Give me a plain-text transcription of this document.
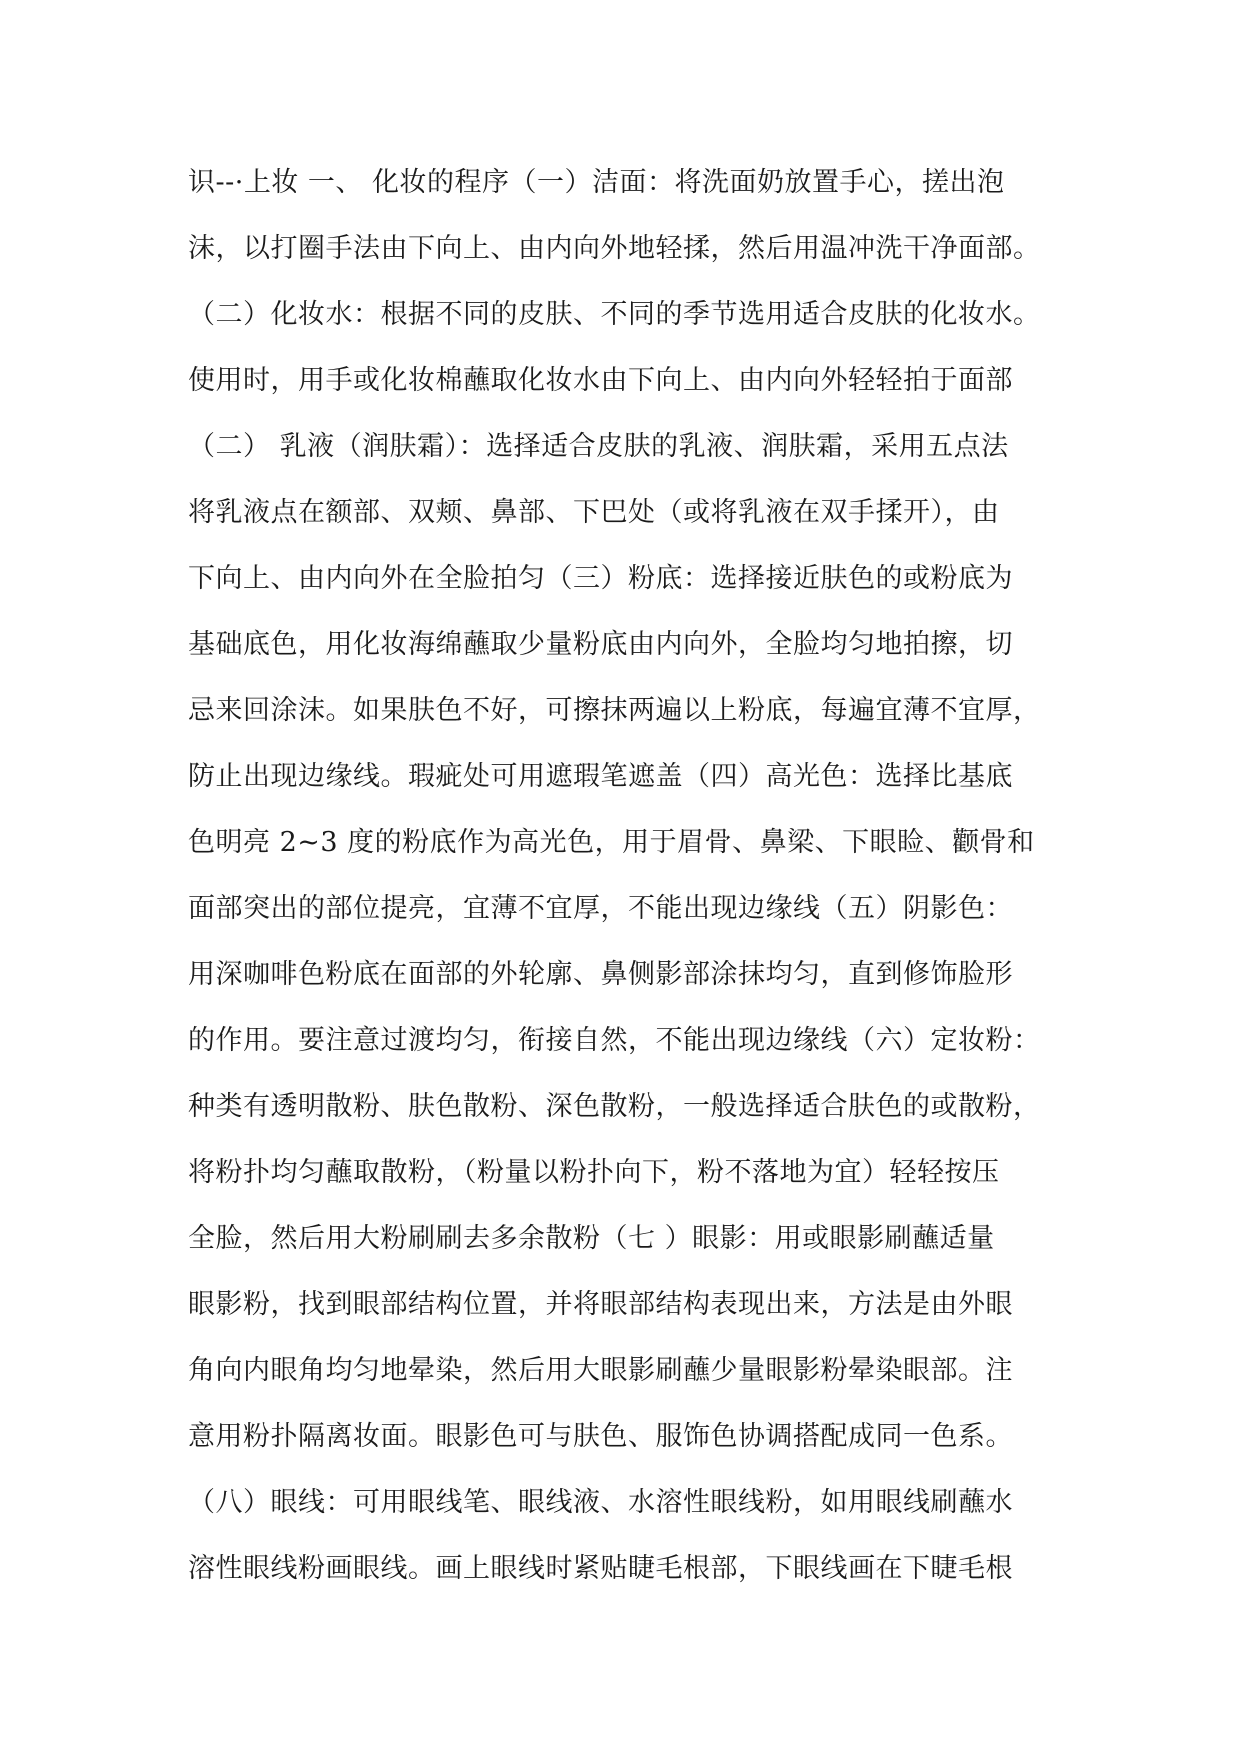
识--·上妆 一、 化妆的程序（一）洁面：将洗面奶放置手心，搓出泡
沫，以打圈手法由下向上、由内向外地轻揉，然后用温冲洗干净面部。
（二）化妆水：根据不同的皮肤、不同的季节选用适合皮肤的化妆水。
使用时，用手或化妆棉蘸取化妆水由下向上、由内向外轻轻拍于面部
（二） 乳液（润肤霜）：选择适合皮肤的乳液、润肤霜，采用五点法
将乳液点在额部、双颊、鼻部、下巴处（或将乳液在双手揉开），由
下向上、由内向外在全脸拍匀（三）粉底：选择接近肤色的或粉底为
基础底色，用化妆海绵蘸取少量粉底由内向外，全脸均匀地拍擦，切
忌来回涂沫。如果肤色不好，可擦抹两遍以上粉底，每遍宜薄不宜厚，
防止出现边缘线。瑕疵处可用遮瑕笔遮盖（四）高光色：选择比基底
色明亮 2~3 度的粉底作为高光色，用于眉骨、鼻梁、下眼睑、颧骨和
面部突出的部位提亮，宜薄不宜厚，不能出现边缘线（五）阴影色：
用深咖啡色粉底在面部的外轮廓、鼻侧影部涂抹均匀，直到修饰脸形
的作用。要注意过渡均匀，衔接自然，不能出现边缘线（六）定妆粉：
种类有透明散粉、肤色散粉、深色散粉，一般选择适合肤色的或散粉，
将粉扑均匀蘸取散粉，（粉量以粉扑向下，粉不落地为宜）轻轻按压
全脸，然后用大粉刷刷去多余散粉（七 ）眼影：用或眼影刷蘸适量
眼影粉，找到眼部结构位置，并将眼部结构表现出来，方法是由外眼
角向内眼角均匀地晕染，然后用大眼影刷蘸少量眼影粉晕染眼部。注
意用粉扑隔离妆面。眼影色可与肤色、服饰色协调搭配成同一色系。
（八）眼线：可用眼线笔、眼线液、水溶性眼线粉，如用眼线刷蘸水
溶性眼线粉画眼线。画上眼线时紧贴睫毛根部，下眼线画在下睫毛根
